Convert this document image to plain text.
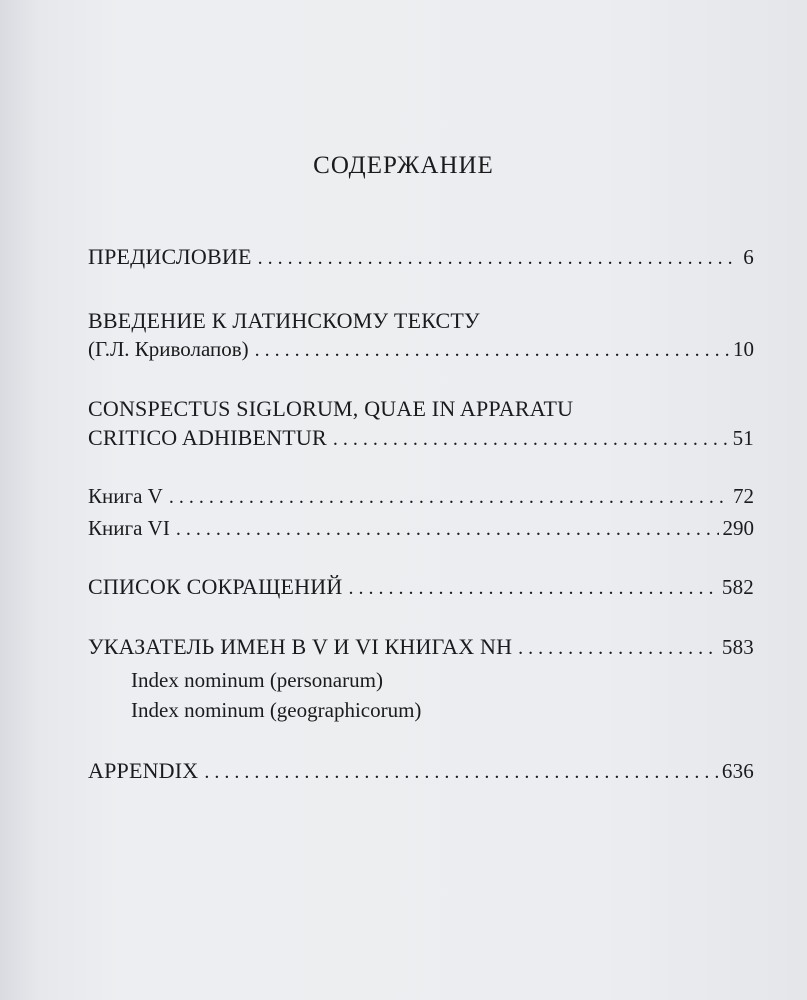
СОДЕРЖАНИЕ
ПРЕДИСЛОВИЕ . . .	6
ВВЕДЕНИЕ К ЛАТИНСКОМУ ТЕКСТУ
(Г.Л. Криволапов) . . .	10
CONSPECTUS SIGLORUM, QUAE IN APPARATU
CRITICO ADHIBENTUR . . .	51
Книга V . . .	72
Книга VI . . .	290
СПИСОК СОКРАЩЕНИЙ . . .	582
УКАЗАТЕЛЬ ИМЕН В V И VI КНИГАХ NH . . .	583
Index nominum (personarum)
Index nominum (geographicorum)
APPENDIX . . .	636
